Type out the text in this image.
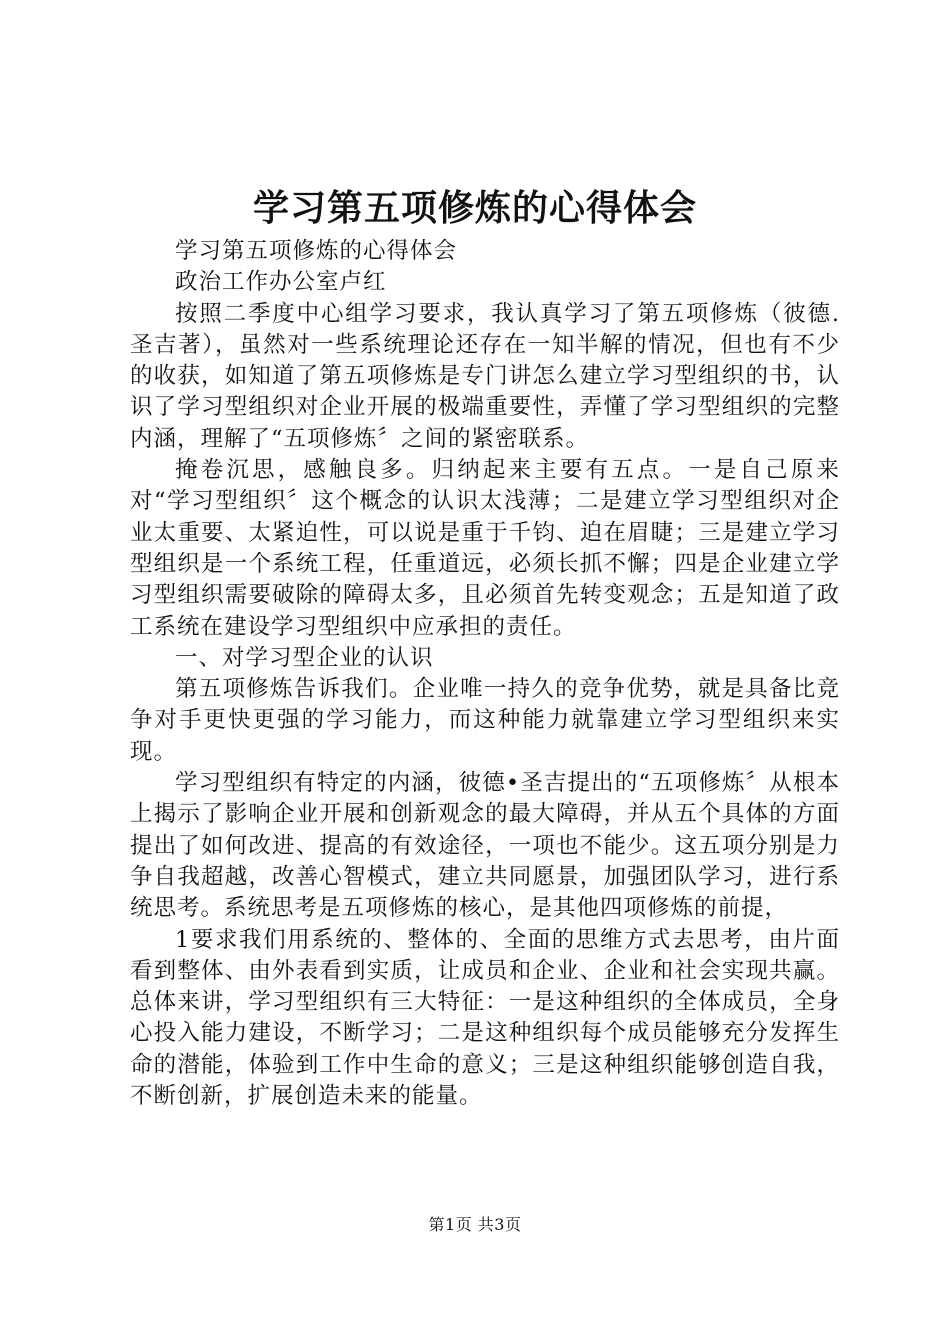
学习第五项修炼的心得体会

学习第五项修炼的心得体会

政治工作办公室卢红

按照二季度中心组学习要求，我认真学习了第五项修炼（彼德.圣吉著），虽然对一些系统理论还存在一知半解的情况，但也有不少的收获，如知道了第五项修炼是专门讲怎么建立学习型组织的书，认识了学习型组织对企业开展的极端重要性，弄懂了学习型组织的完整内涵，理解了“五项修炼〞之间的紧密联系。

掩卷沉思，感触良多。归纳起来主要有五点。一是自己原来对“学习型组织〞这个概念的认识太浅薄；二是建立学习型组织对企业太重要、太紧迫性，可以说是重于千钧、迫在眉睫；三是建立学习型组织是一个系统工程，任重道远，必须长抓不懈；四是企业建立学习型组织需要破除的障碍太多，且必须首先转变观念；五是知道了政工系统在建设学习型组织中应承担的责任。

一、对学习型企业的认识

第五项修炼告诉我们。企业唯一持久的竞争优势，就是具备比竞争对手更快更强的学习能力，而这种能力就靠建立学习型组织来实现。

学习型组织有特定的内涵，彼德•圣吉提出的“五项修炼〞从根本上揭示了影响企业开展和创新观念的最大障碍，并从五个具体的方面提出了如何改进、提高的有效途径，一项也不能少。这五项分别是力争自我超越，改善心智模式，建立共同愿景，加强团队学习，进行系统思考。系统思考是五项修炼的核心，是其他四项修炼的前提，

1要求我们用系统的、整体的、全面的思维方式去思考，由片面看到整体、由外表看到实质，让成员和企业、企业和社会实现共赢。总体来讲，学习型组织有三大特征：一是这种组织的全体成员，全身心投入能力建设，不断学习；二是这种组织每个成员能够充分发挥生命的潜能，体验到工作中生命的意义；三是这种组织能够创造自我，不断创新，扩展创造未来的能量。

第1页 共3页
